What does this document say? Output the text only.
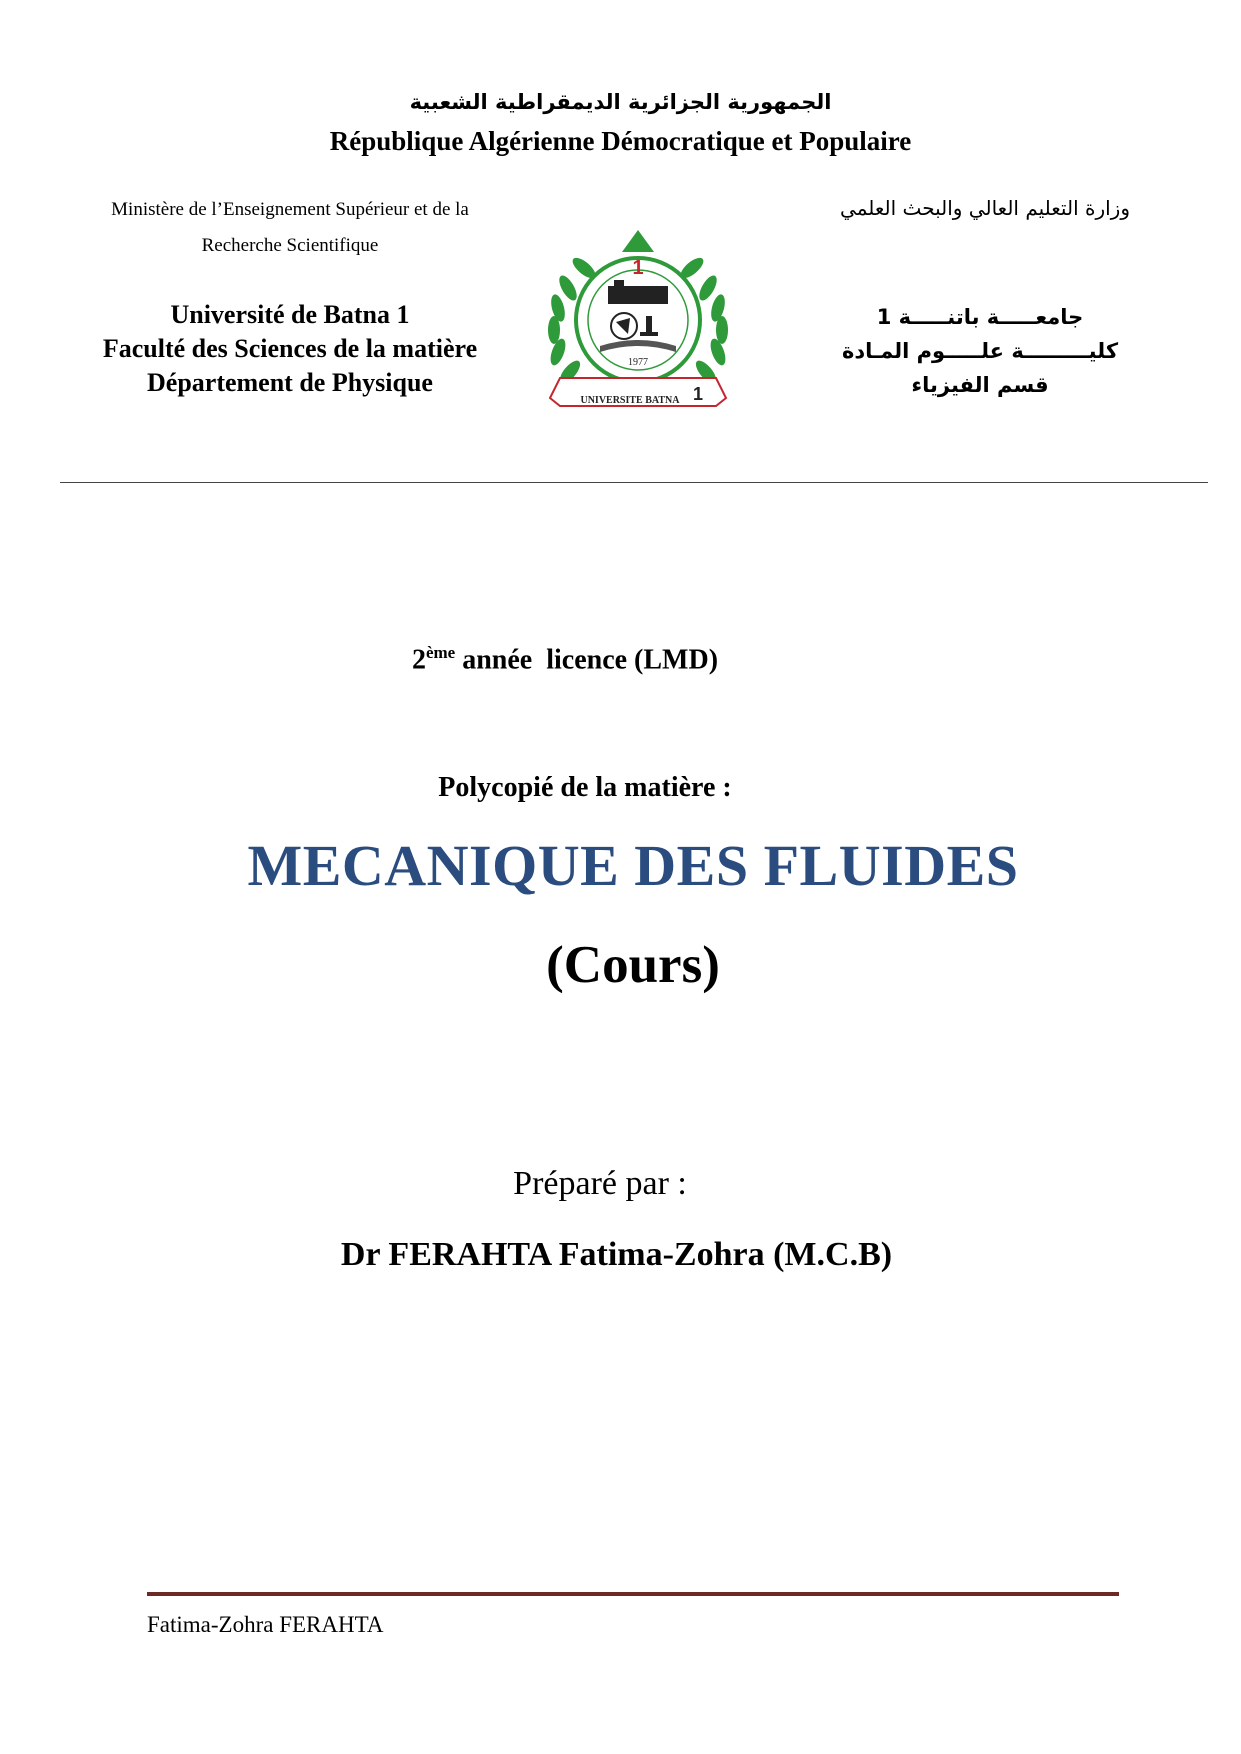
الجمهورية الجزائرية الديمقراطية الشعبية
République Algérienne Démocratique et Populaire
Ministère de l’Enseignement Supérieur et de la
Recherche Scientifique
وزارة التعليم العالي والبحث العلمي
Université de Batna 1
Faculté des Sciences de la matière
Département de Physique
جامعـــــة باتنـــــة 1
كليـــــــــة علـــــوم المـادة
قسم الفيزياء
1
1977
UNIVERSITE BATNA 1
2ème année  licence (LMD)
Polycopié de la matière :
MECANIQUE DES FLUIDES
(Cours)
Préparé par :
Dr FERAHTA Fatima-Zohra (M.C.B)
Fatima-Zohra FERAHTA
